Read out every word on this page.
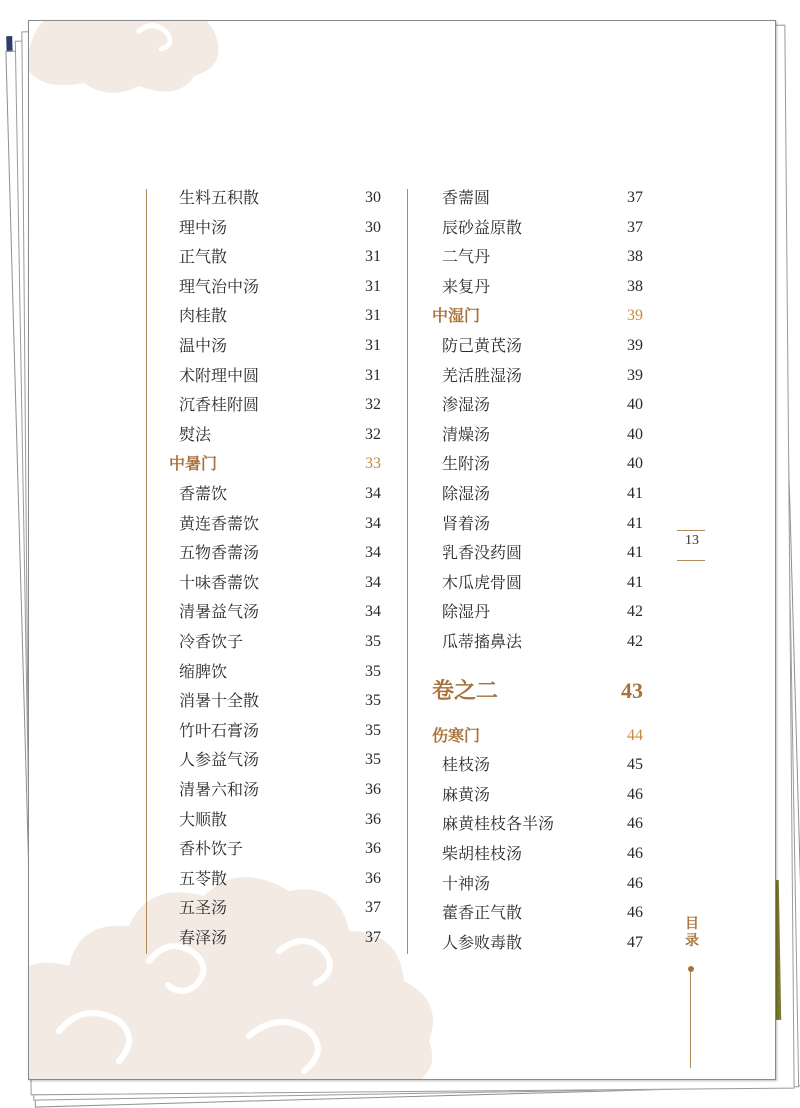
生料五积散	30
理中汤	30
正气散	31
理气治中汤	31
肉桂散	31
温中汤	31
术附理中圆	31
沉香桂附圆	32
熨法	32
中暑门	33
香薷饮	34
黄连香薷饮	34
五物香薷汤	34
十味香薷饮	34
清暑益气汤	34
冷香饮子	35
缩脾饮	35
消暑十全散	35
竹叶石膏汤	35
人参益气汤	35
清暑六和汤	36
大顺散	36
香朴饮子	36
五苓散	36
五圣汤	37
春泽汤	37
香薷圆	37
辰砂益原散	37
二气丹	38
来复丹	38
中湿门	39
防己黄芪汤	39
羌活胜湿汤	39
渗湿汤	40
清燥汤	40
生附汤	40
除湿汤	41
肾着汤	41
乳香没药圆	41
木瓜虎骨圆	41
除湿丹	42
瓜蒂搐鼻法	42
卷之二	43
伤寒门	44
桂枝汤	45
麻黄汤	46
麻黄桂枝各半汤	46
柴胡桂枝汤	46
十神汤	46
藿香正气散	46
人参败毒散	47
13
目
录
